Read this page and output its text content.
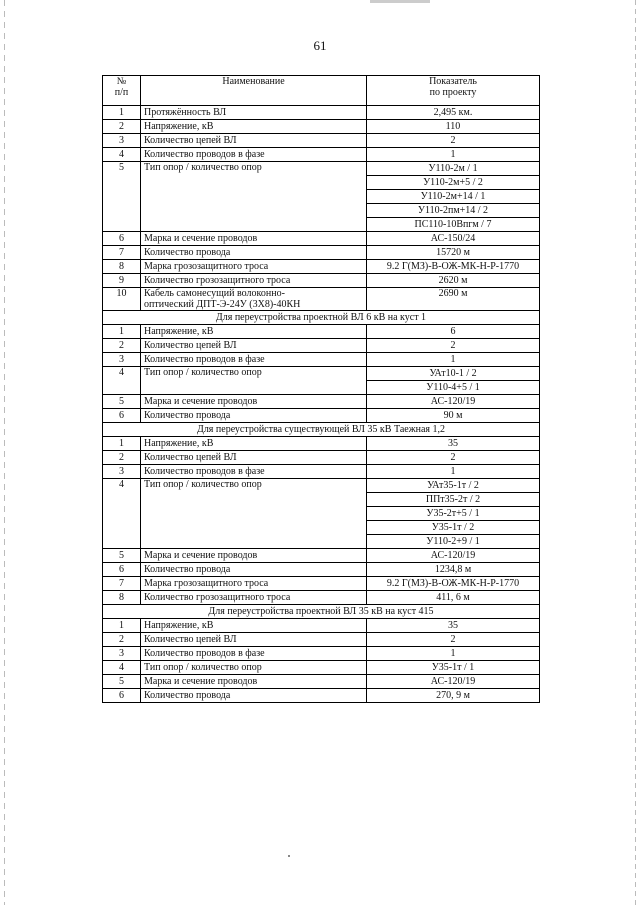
61
№
п/п	Наименование	Показатель
по проекту
1	Протяжённость ВЛ	2,495 км.
2	Напряжение, кВ	110
3	Количество цепей ВЛ	2
4	Количество проводов в фазе	1
5	Тип опор / количество опор	У110-2м / 1
		У110-2м+5 / 2
		У110-2м+14 / 1
		У110-2пм+14 / 2
		ПС110-10Впгм / 7
6	Марка и сечение проводов	АС-150/24
7	Количество провода	15720 м
8	Марка грозозащитного троса	9.2 Г(МЗ)-В-ОЖ-МК-Н-Р-1770
9	Количество грозозащитного троса	2620 м
10	Кабель самонесущий волоконно-
оптический ДПТ-Э-24У (3Х8)-40КН	2690 м
Для переустройства проектной ВЛ 6 кВ на куст 1		
1	Напряжение, кВ	6
2	Количество цепей ВЛ	2
3	Количество проводов в фазе	1
4	Тип опор / количество опор	УАт10-1 / 2
		У110-4+5 / 1
5	Марка и сечение проводов	АС-120/19
6	Количество провода	90 м
Для переустройства существующей ВЛ 35 кВ Таежная 1,2		
1	Напряжение, кВ	35
2	Количество цепей ВЛ	2
3	Количество проводов в фазе	1
4	Тип опор / количество опор	УАт35-1т / 2
		ППт35-2т / 2
		У35-2т+5 / 1
		У35-1т / 2
		У110-2+9 / 1
5	Марка и сечение проводов	АС-120/19
6	Количество провода	1234,8 м
7	Марка грозозащитного троса	9.2 Г(МЗ)-В-ОЖ-МК-Н-Р-1770
8	Количество грозозащитного троса	411, 6 м
Для переустройства проектной ВЛ 35 кВ на куст 415		
1	Напряжение, кВ	35
2	Количество цепей ВЛ	2
3	Количество проводов в фазе	1
4	Тип опор / количество опор	У35-1т / 1
5	Марка и сечение проводов	АС-120/19
6	Количество провода	270, 9 м
